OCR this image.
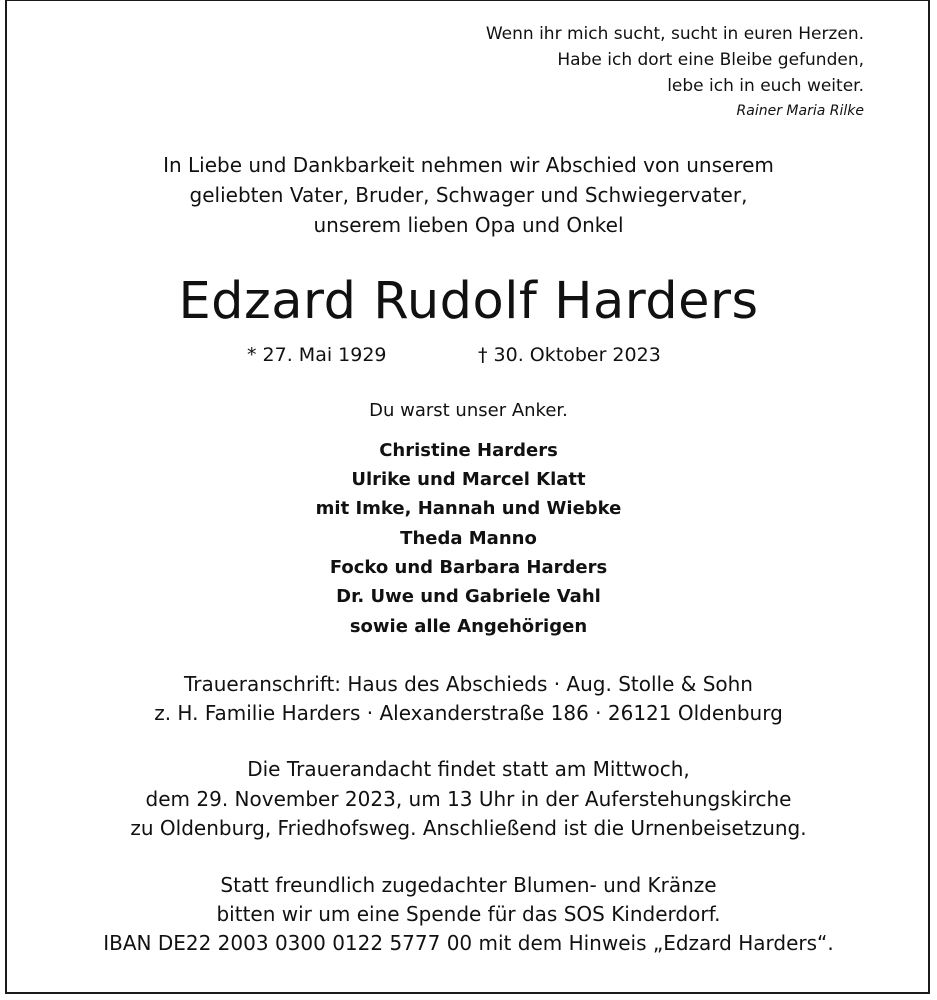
Wenn ihr mich sucht, sucht in euren Herzen.
Habe ich dort eine Bleibe gefunden,
lebe ich in euch weiter.
Rainer Maria Rilke
In Liebe und Dankbarkeit nehmen wir Abschied von unserem
geliebten Vater, Bruder, Schwager und Schwiegervater,
unserem lieben Opa und Onkel
Edzard Rudolf Harders
* 27. Mai 1929	† 30. Oktober 2023
Du warst unser Anker.
Christine Harders
Ulrike und Marcel Klatt
mit Imke, Hannah und Wiebke
Theda Manno
Focko und Barbara Harders
Dr. Uwe und Gabriele Vahl
sowie alle Angehörigen
Traueranschrift: Haus des Abschieds · Aug. Stolle & Sohn
z. H. Familie Harders · Alexanderstraße 186 · 26121 Oldenburg
Die Trauerandacht findet statt am Mittwoch,
dem 29. November 2023, um 13 Uhr in der Auferstehungskirche
zu Oldenburg, Friedhofsweg. Anschließend ist die Urnenbeisetzung.
Statt freundlich zugedachter Blumen- und Kränze
bitten wir um eine Spende für das SOS Kinderdorf.
IBAN DE22 2003 0300 0122 5777 00 mit dem Hinweis „Edzard Harders“.
